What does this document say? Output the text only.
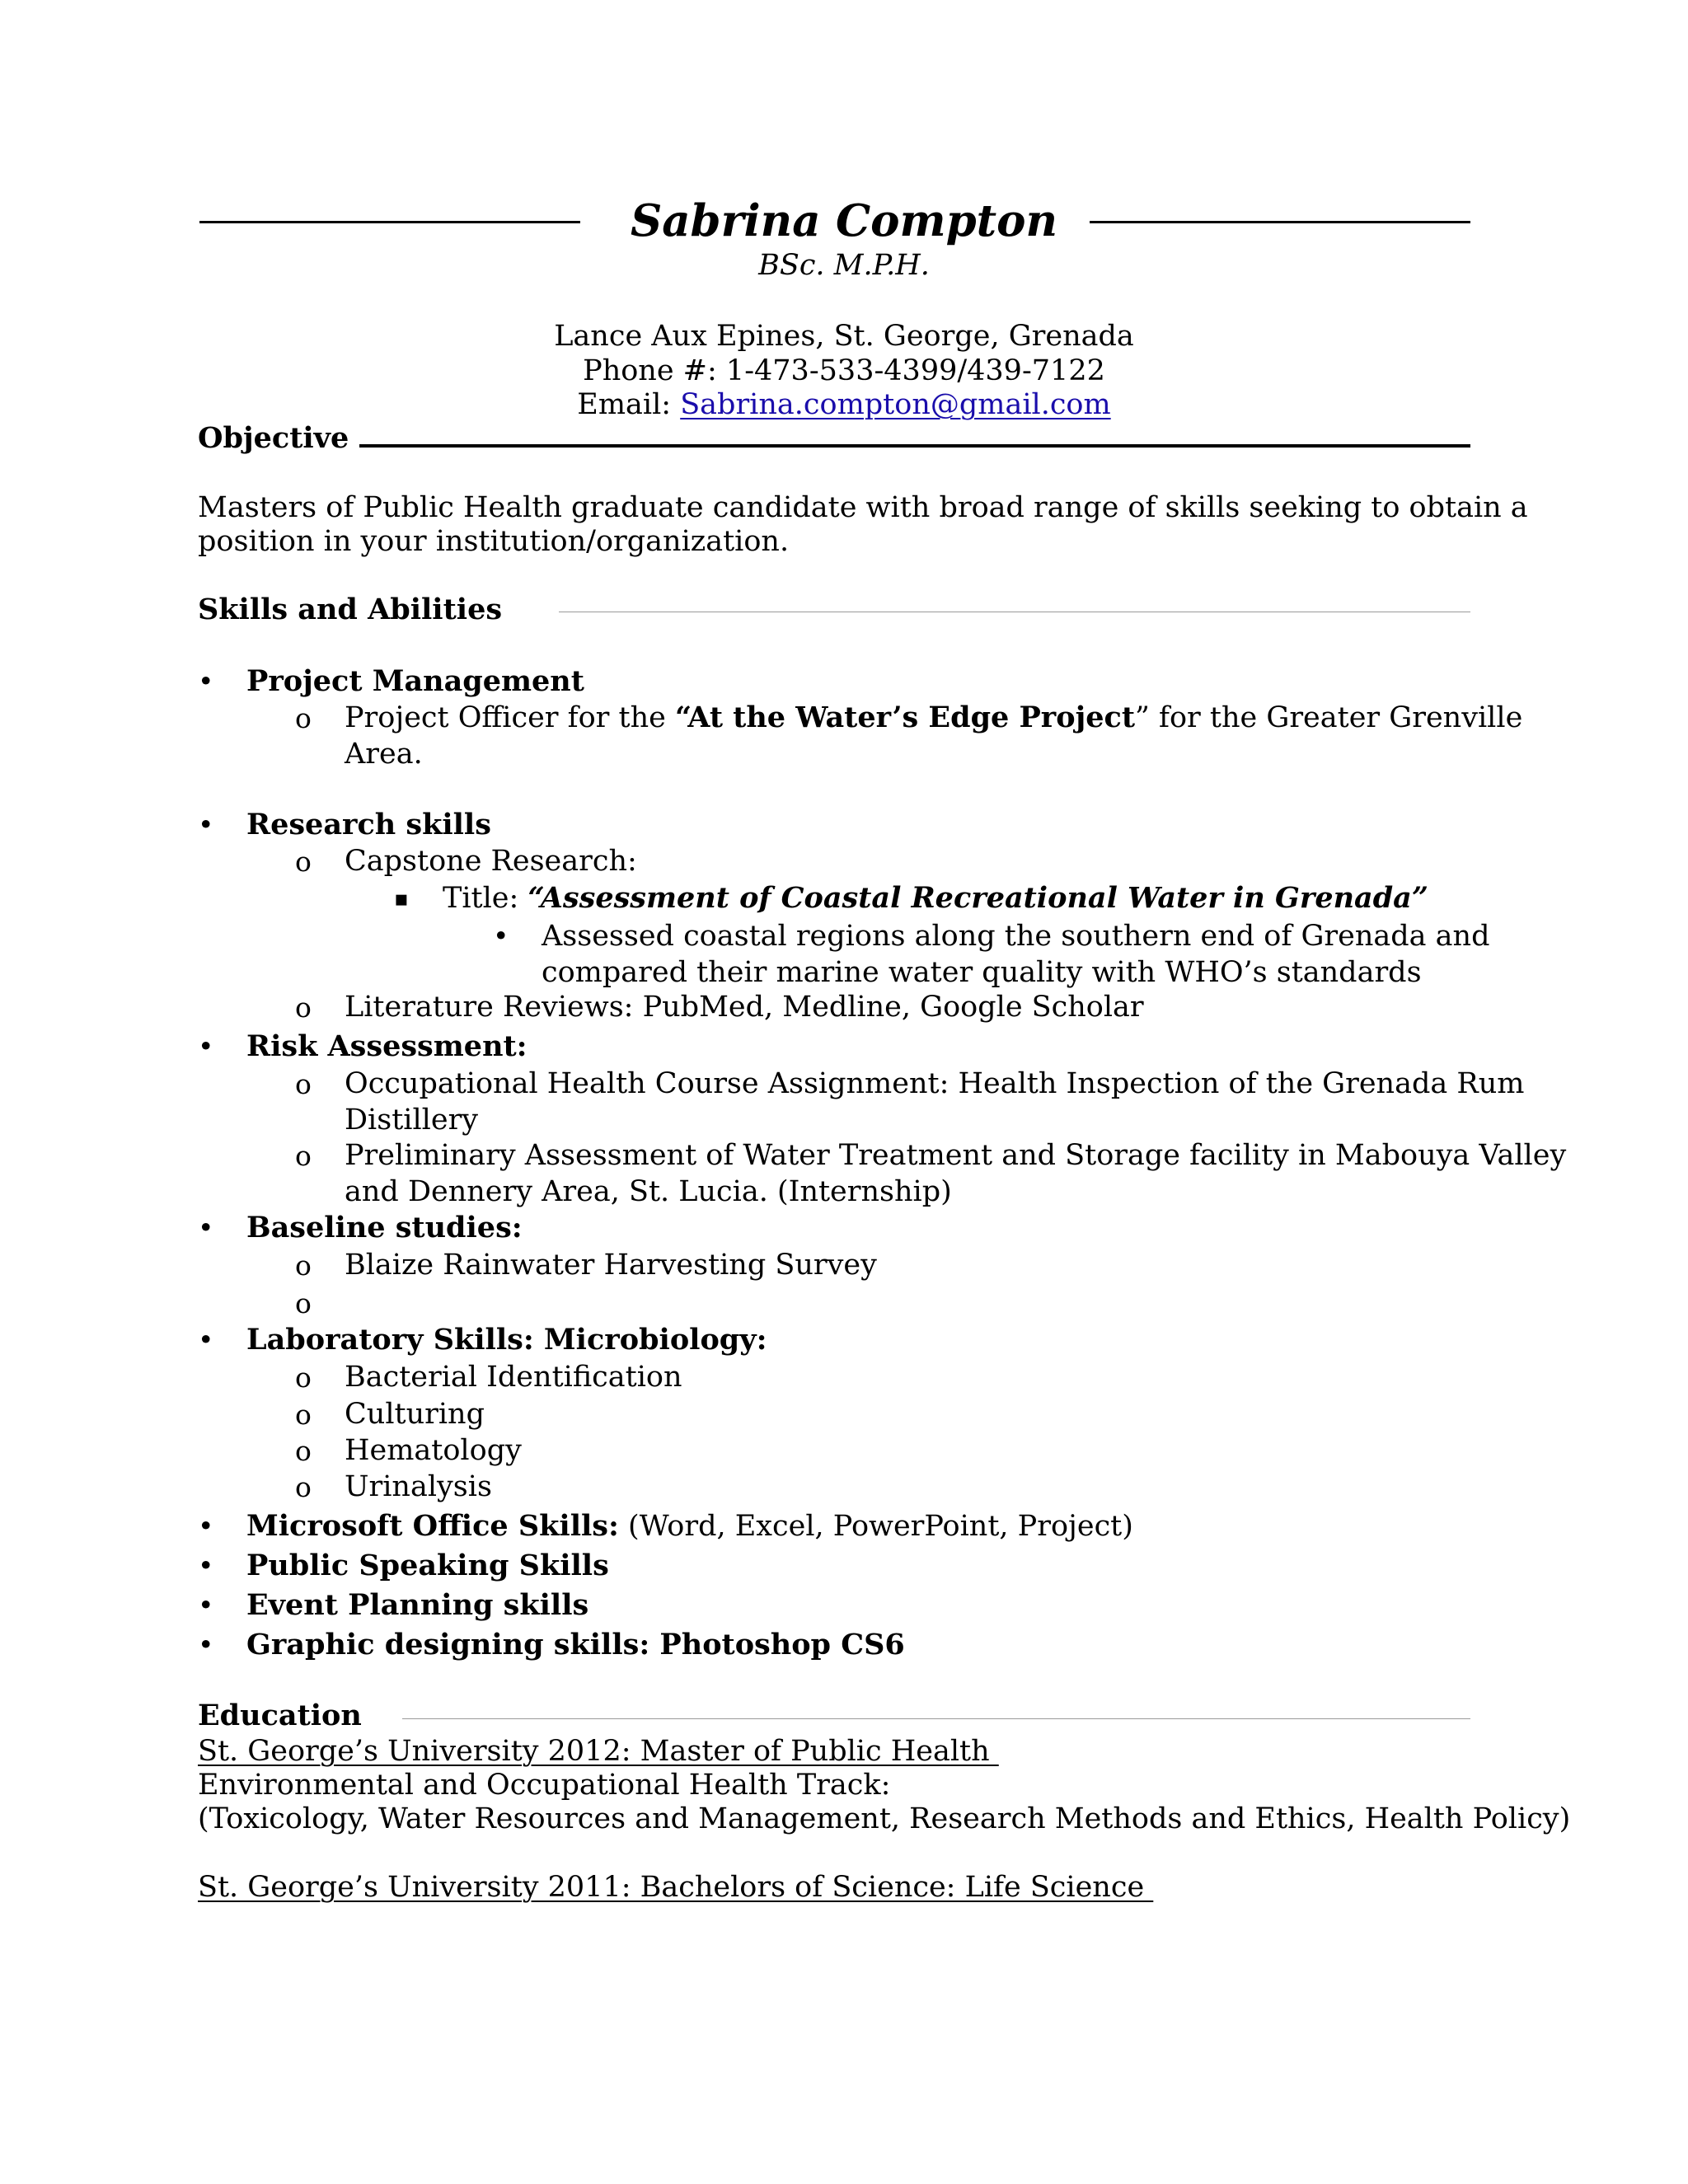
Sabrina Compton
BSc. M.P.H.
Lance Aux Epines, St. George, Grenada
Phone #: 1-473-533-4399/439-7122
Email: Sabrina.compton@gmail.com
Objective
Masters of Public Health graduate candidate with broad range of skills seeking to obtain a
position in your institution/organization.
Skills and Abilities
• Project Management
o Project Officer for the “At the Water’s Edge Project” for the Greater Grenville
Area.
• Research skills
o Capstone Research:
▪ Title: “Assessment of Coastal Recreational Water in Grenada”
• Assessed coastal regions along the southern end of Grenada and
compared their marine water quality with WHO’s standards
o Literature Reviews: PubMed, Medline, Google Scholar
• Risk Assessment:
o Occupational Health Course Assignment: Health Inspection of the Grenada Rum
Distillery
o Preliminary Assessment of Water Treatment and Storage facility in Mabouya Valley
and Dennery Area, St. Lucia. (Internship)
• Baseline studies:
o Blaize Rainwater Harvesting Survey
o
• Laboratory Skills: Microbiology:
o Bacterial Identification
o Culturing
o Hematology
o Urinalysis
• Microsoft Office Skills: (Word, Excel, PowerPoint, Project)
• Public Speaking Skills
• Event Planning skills
• Graphic designing skills: Photoshop CS6
Education
St. George’s University 2012: Master of Public Health
Environmental and Occupational Health Track:
(Toxicology, Water Resources and Management, Research Methods and Ethics, Health Policy)
St. George’s University 2011: Bachelors of Science: Life Science
